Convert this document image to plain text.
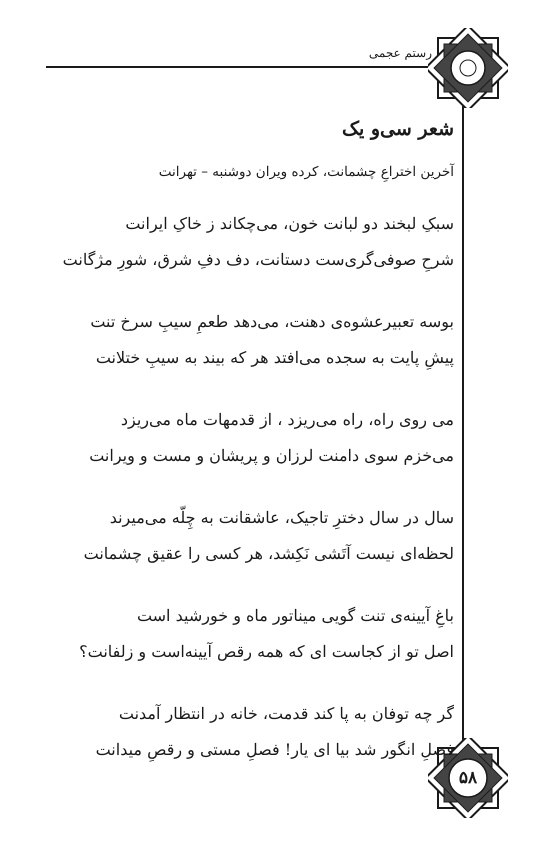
رستم عجمی
۵۸
شعر سی‌و یک
آخرین اختراعِ چشمانت، کرده ویران دوشنبه – تهرانت
سبکِ لبخند دو لبانت خون، می‌چکاند ز خاکِ ایرانت
شرحِ صوفی‌گری‌ست دستانت، دف دفِ شرق، شورِ مژگانت
بوسه تعبیرعشوه‌ی دهنت، می‌دهد طعمِ سیبِ سرخ تنت
پیشِ پایت به سجده می‌افتد هر که بیند به سیبِ ختلانت
می روی راه، راه می‌ریزد ، از قدمهات ماه می‌ریزد
می‌خزم سوی دامنت لرزان و پریشان و مست و ویرانت
سال در سال دخترِ تاجیک، عاشقانت به چِلّه می‌میرند
لحظه‌ای نیست آتَشی نَکِشد، هر کسی را عقیق چشمانت
باغِ آیینه‌ی تنت گویی میناتور ماه و خورشید است
اصل تو از کجاست ای که همه رقص آیینه‌است و زلفانت؟
گر چه توفان به پا کند قدمت، خانه در انتظار آمدنت
فصلِ انگور شد بیا ای یار! فصلِ مستی و رقصِ میدانت
